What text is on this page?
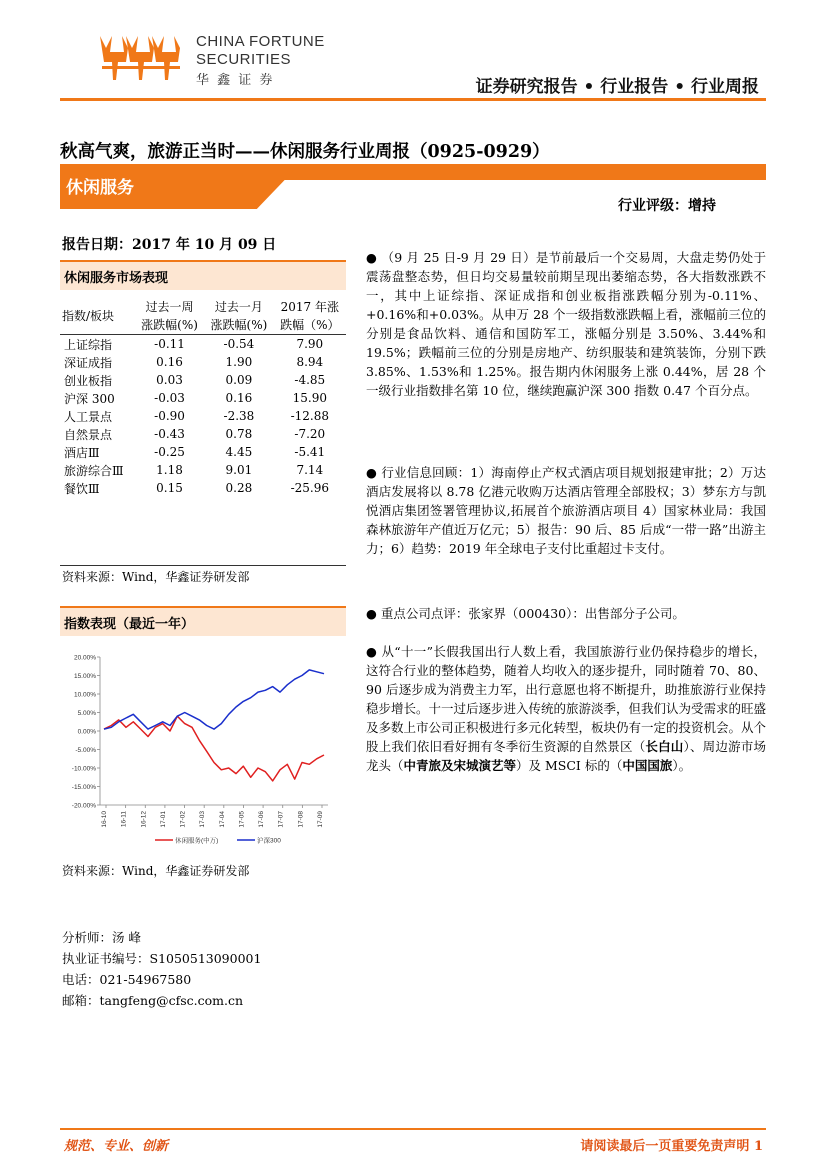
CHINA FORTUNE
SECURITIES
华 鑫 证 券	证券研究报告 • 行业报告 • 行业周报
秋高气爽，旅游正当时——休闲服务行业周报（0925-0929）
休闲服务
行业评级：增持
报告日期：2017 年 10 月 09 日
休闲服务市场表现
指数/板块	过去一周	过去一月	2017 年涨
	涨跌幅(%)	涨跌幅(%)	跌幅（%）
上证综指	-0.11	-0.54	7.90
深证成指	0.16	1.90	8.94
创业板指	0.03	0.09	-4.85
沪深 300	-0.03	0.16	15.90
人工景点	-0.90	-2.38	-12.88
自然景点	-0.43	0.78	-7.20
酒店Ⅲ	-0.25	4.45	-5.41
旅游综合Ⅲ	1.18	9.01	7.14
餐饮Ⅲ	0.15	0.28	-25.96
资料来源：Wind，华鑫证券研发部
指数表现（最近一年）
20.00%
15.00%
10.00%
5.00%
0.00%
-5.00%
-10.00%
-15.00%
-20.00%
16-10 16-11 16-12 17-01 17-02 17-03 17-04 17-05 17-06 17-07 17-08 17-09
休闲服务(中万)	沪深300
资料来源：Wind，华鑫证券研发部
分析师：汤 峰
执业证书编号：S1050513090001
电话：021-54967580
邮箱：tangfeng@cfsc.com.cn
● （9 月 25 日-9 月 29 日）是节前最后一个交易周，大盘走势仍处于震荡盘整态势，但日均交易量较前期呈现出萎缩态势，各大指数涨跌不一，其中上证综指、深证成指和创业板指涨跌幅分别为-0.11%、+0.16%和+0.03%。从申万 28 个一级指数涨跌幅上看，涨幅前三位的分别是食品饮料、通信和国防军工，涨幅分别是 3.50%、3.44%和 19.5%；跌幅前三位的分别是房地产、纺织服装和建筑装饰，分别下跌 3.85%、1.53%和 1.25%。报告期内休闲服务上涨 0.44%，居 28 个一级行业指数排名第 10 位，继续跑赢沪深 300 指数 0.47 个百分点。
● 行业信息回顾：1）海南停止产权式酒店项目规划报建审批；2）万达酒店发展将以 8.78 亿港元收购万达酒店管理全部股权；3）梦东方与凯悦酒店集团签署管理协议,拓展首个旅游酒店项目 4）国家林业局：我国森林旅游年产值近万亿元；5）报告：90 后、85 后成“一带一路”出游主力；6）趋势：2019 年全球电子支付比重超过卡支付。
● 重点公司点评：张家界（000430）：出售部分子公司。
● 从“十一”长假我国出行人数上看，我国旅游行业仍保持稳步的增长，这符合行业的整体趋势，随着人均收入的逐步提升，同时随着 70、80、90 后逐步成为消费主力军，出行意愿也将不断提升，助推旅游行业保持稳步增长。十一过后逐步进入传统的旅游淡季，但我们认为受需求的旺盛及多数上市公司正积极进行多元化转型，板块仍有一定的投资机会。从个股上我们依旧看好拥有冬季衍生资源的自然景区（长白山）、周边游市场龙头（中青旅及宋城演艺等）及 MSCI 标的（中国国旅）。
规范、专业、创新	请阅读最后一页重要免责声明 1
